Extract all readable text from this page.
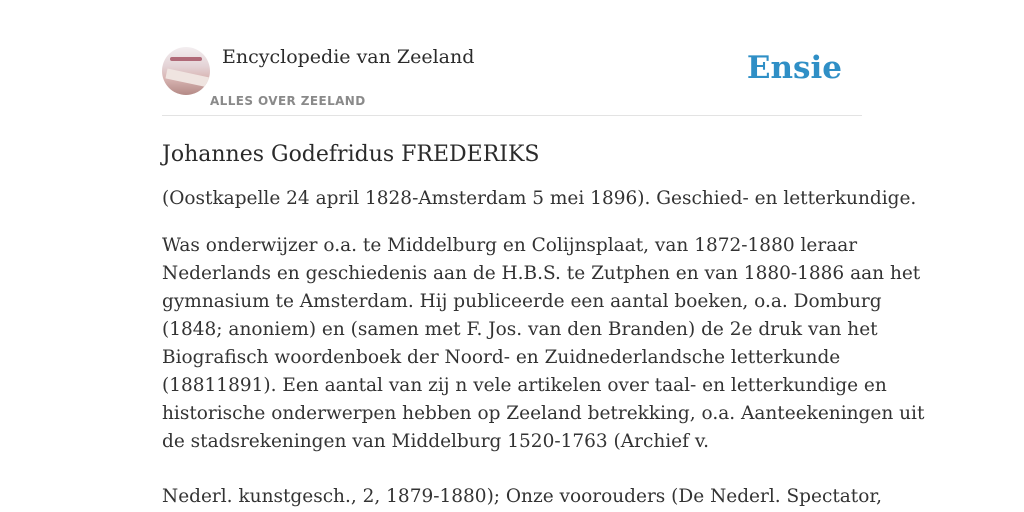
Encyclopedie van Zeeland
ALLES OVER ZEELAND
Ensie
Johannes Godefridus FREDERIKS

(Oostkapelle 24 april 1828-Amsterdam 5 mei 1896). Geschied- en letterkundige.

Was onderwijzer o.a. te Middelburg en Colijnsplaat, van 1872-1880 leraar
Nederlands en geschiedenis aan de H.B.S. te Zutphen en van 1880-1886 aan het
gymnasium te Amsterdam. Hij publiceerde een aantal boeken, o.a. Domburg
(1848; anoniem) en (samen met F. Jos. van den Branden) de 2e druk van het
Biografisch woordenboek der Noord- en Zuidnederlandsche letterkunde
(18811891). Een aantal van zij n vele artikelen over taal- en letterkundige en
historische onderwerpen hebben op Zeeland betrekking, o.a. Aanteekeningen uit
de stadsrekeningen van Middelburg 1520-1763 (Archief v.

Nederl. kunstgesch., 2, 1879-1880); Onze voorouders (De Nederl. Spectator,
